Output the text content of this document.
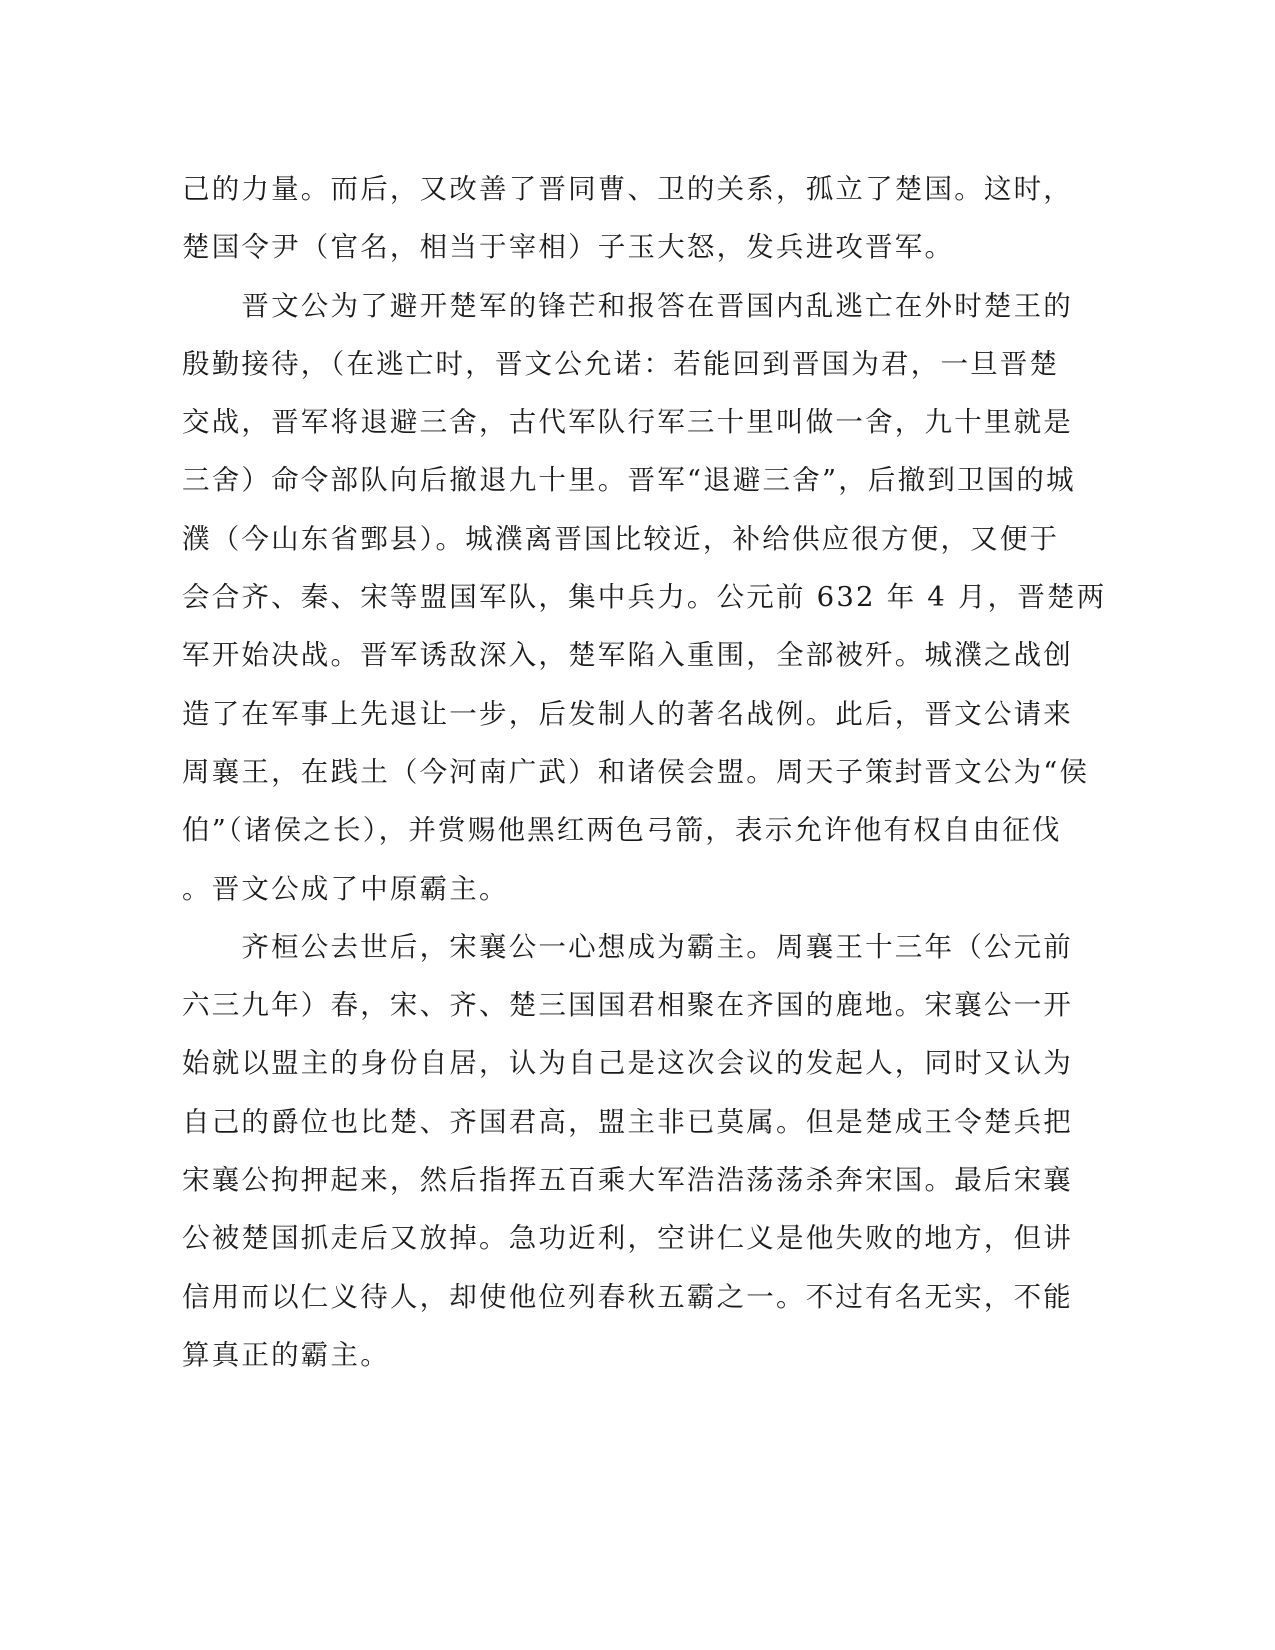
己的力量。而后，又改善了晋同曹、卫的关系，孤立了楚国。这时，
楚国令尹（官名，相当于宰相）子玉大怒，发兵进攻晋军。
　　晋文公为了避开楚军的锋芒和报答在晋国内乱逃亡在外时楚王的
殷勤接待，（在逃亡时，晋文公允诺：若能回到晋国为君，一旦晋楚
交战，晋军将退避三舍，古代军队行军三十里叫做一舍，九十里就是
三舍）命令部队向后撤退九十里。晋军“退避三舍”，后撤到卫国的城
濮（今山东省鄄县）。城濮离晋国比较近，补给供应很方便，又便于
会合齐、秦、宋等盟国军队，集中兵力。公元前 632 年 4 月，晋楚两
军开始决战。晋军诱敌深入，楚军陷入重围，全部被歼。城濮之战创
造了在军事上先退让一步，后发制人的著名战例。此后，晋文公请来
周襄王，在践土（今河南广武）和诸侯会盟。周天子策封晋文公为“侯
伯”（诸侯之长），并赏赐他黑红两色弓箭，表示允许他有权自由征伐
。晋文公成了中原霸主。
　　齐桓公去世后，宋襄公一心想成为霸主。周襄王十三年（公元前
六三九年）春，宋、齐、楚三国国君相聚在齐国的鹿地。宋襄公一开
始就以盟主的身份自居，认为自己是这次会议的发起人，同时又认为
自己的爵位也比楚、齐国君高，盟主非已莫属。但是楚成王令楚兵把
宋襄公拘押起来，然后指挥五百乘大军浩浩荡荡杀奔宋国。最后宋襄
公被楚国抓走后又放掉。急功近利，空讲仁义是他失败的地方，但讲
信用而以仁义待人，却使他位列春秋五霸之一。不过有名无实，不能
算真正的霸主。
